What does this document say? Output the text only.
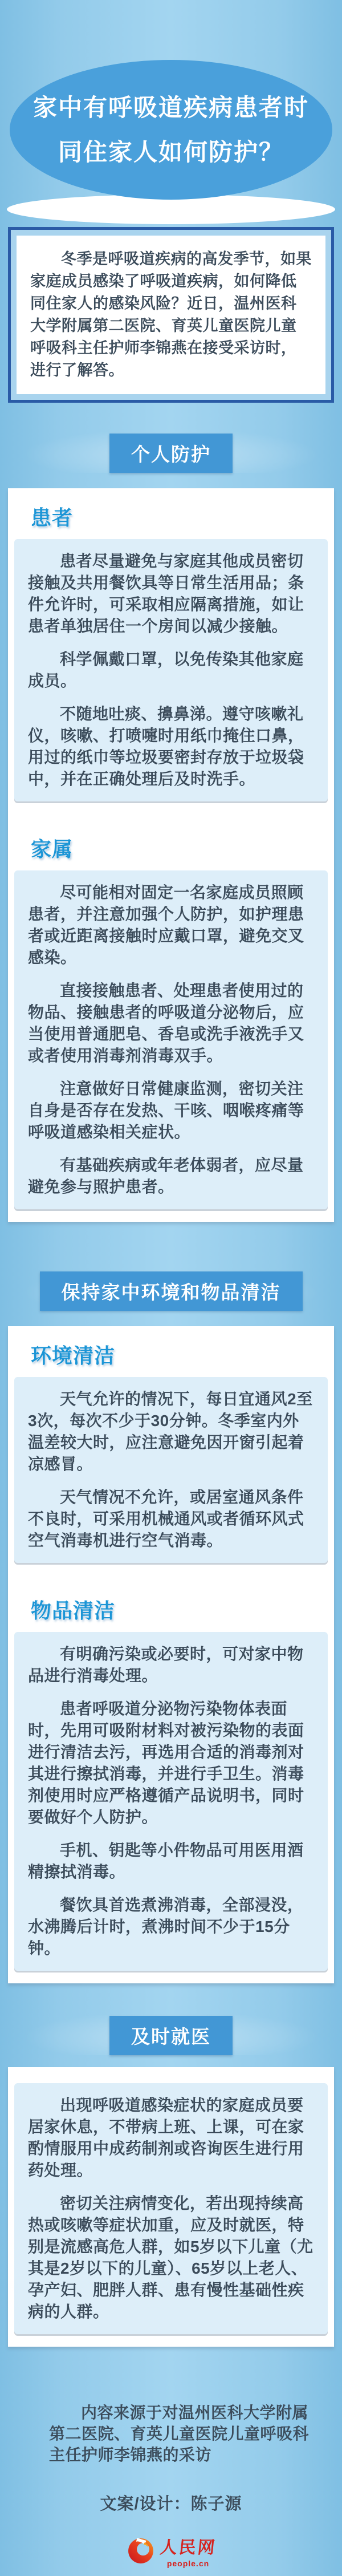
家中有呼吸道疾病患者时
同住家人如何防护？

冬季是呼吸道疾病的高发季节，如果家庭成员感染了呼吸道疾病，如何降低同住家人的感染风险？近日，温州医科大学附属第二医院、育英儿童医院儿童呼吸科主任护师李锦燕在接受采访时，进行了解答。

个人防护
患者

患者尽量避免与家庭其他成员密切接触及共用餐饮具等日常生活用品；条件允许时，可采取相应隔离措施，如让患者单独居住一个房间以减少接触。

科学佩戴口罩，以免传染其他家庭成员。

不随地吐痰、擤鼻涕。遵守咳嗽礼仪，咳嗽、打喷嚏时用纸巾掩住口鼻，用过的纸巾等垃圾要密封存放于垃圾袋中，并在正确处理后及时洗手。

家属

尽可能相对固定一名家庭成员照顾患者，并注意加强个人防护，如护理患者或近距离接触时应戴口罩，避免交叉感染。

直接接触患者、处理患者使用过的物品、接触患者的呼吸道分泌物后，应当使用普通肥皂、香皂或洗手液洗手又或者使用消毒剂消毒双手。

注意做好日常健康监测，密切关注自身是否存在发热、干咳、咽喉疼痛等呼吸道感染相关症状。

有基础疾病或年老体弱者，应尽量避免参与照护患者。

保持家中环境和物品清洁
环境清洁

天气允许的情况下，每日宜通风2至3次，每次不少于30分钟。冬季室内外温差较大时，应注意避免因开窗引起着凉感冒。

天气情况不允许，或居室通风条件不良时，可采用机械通风或者循环风式空气消毒机进行空气消毒。

物品清洁

有明确污染或必要时，可对家中物品进行消毒处理。

患者呼吸道分泌物污染物体表面时，先用可吸附材料对被污染物的表面进行清洁去污，再选用合适的消毒剂对其进行擦拭消毒，并进行手卫生。消毒剂使用时应严格遵循产品说明书，同时要做好个人防护。

手机、钥匙等小件物品可用医用酒精擦拭消毒。

餐饮具首选煮沸消毒，全部浸没，水沸腾后计时，煮沸时间不少于15分钟。

及时就医

出现呼吸道感染症状的家庭成员要居家休息，不带病上班、上课，可在家酌情服用中成药制剂或咨询医生进行用药处理。

密切关注病情变化，若出现持续高热或咳嗽等症状加重，应及时就医，特别是流感高危人群，如5岁以下儿童（尤其是2岁以下的儿童）、65岁以上老人、孕产妇、肥胖人群、患有慢性基础性疾病的人群。

内容来源于对温州医科大学附属第二医院、育英儿童医院儿童呼吸科主任护师李锦燕的采访

文案/设计：陈子源

人民网
people.cn
